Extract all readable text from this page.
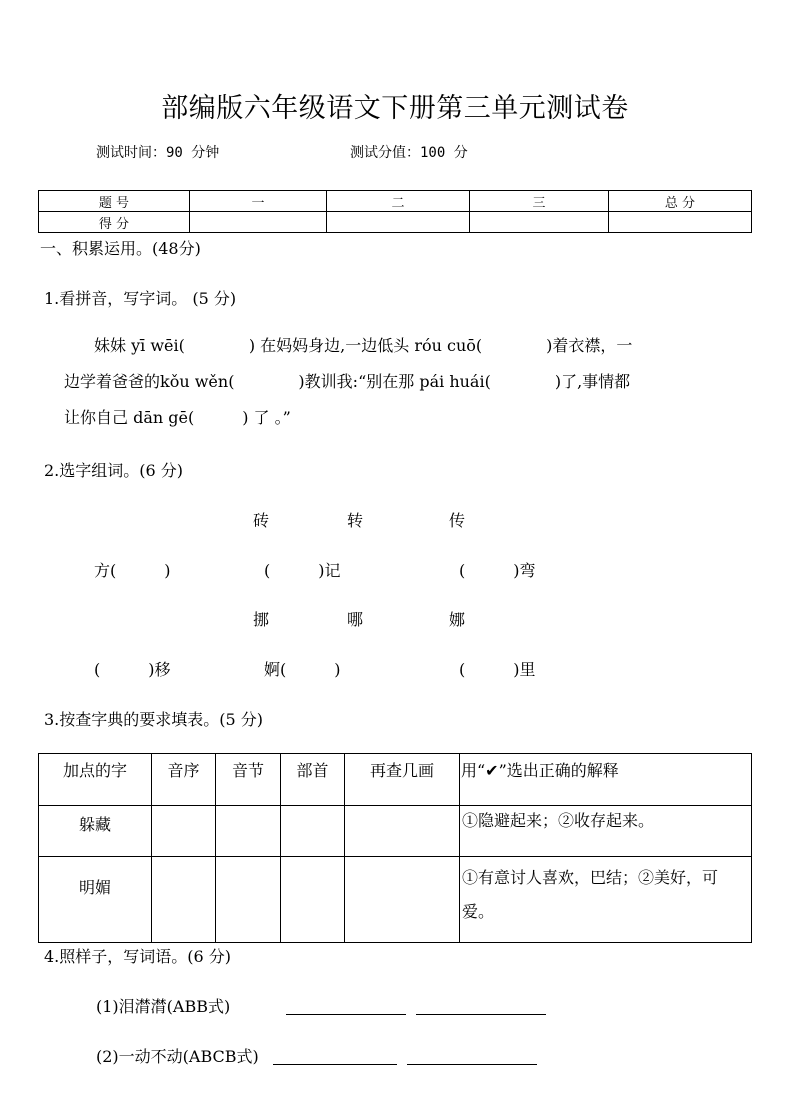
部编版六年级语文下册第三单元测试卷
测试时间：90 分钟	测试分值：100 分
题 号	一	二	三	总 分
得 分				
一、积累运用。(48分)
1.看拼音，写字词。 (5 分)
妹妹 yī wēi(　　　　) 在妈妈身边,一边低头 róu cuō(　　　　)着衣襟，一
边学着爸爸的kǒu wěn(　　　　)教训我:“别在那 pái huái(　　　　)了,事情都
让你自己 dān gē(　　　) 了 。”
2.选字组词。(6 分)
砖	转	传
方(　　　)	(　　　)记	(　　　)弯
挪	哪	娜
(　　　)移	婀(　　　)	(　　　)里
3.按查字典的要求填表。(5 分)
加点的字	音序	音节	部首	再查几画	用“✔”选出正确的解释
躲藏					①隐避起来；②收存起来。
明媚					①有意讨人喜欢，巴结；②美好，可爱。
4.照样子，写词语。(6 分)
(1)泪潸潸(ABB式)
(2)一动不动(ABCB式)
